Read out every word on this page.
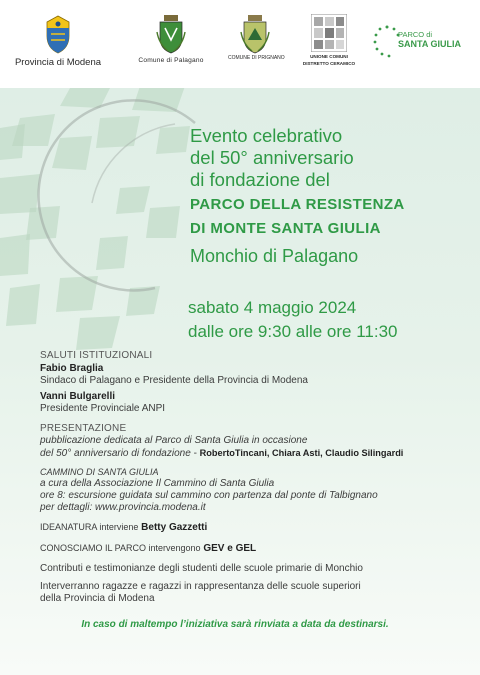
Provincia di Modena	Comune di Palagano	COMUNE DI PRIGNANO	UNIONE COMUNI
DISTRETTO CERAMICO
PARCO di
SANTA GIULIA
Evento celebrativo
del 50° anniversario
di fondazione del
PARCO DELLA RESISTENZA
DI MONTE SANTA GIULIA
Monchio di Palagano
sabato 4 maggio 2024
dalle ore 9:30 alle ore 11:30

SALUTI ISTITUZIONALI

Fabio Braglia

Sindaco di Palagano e Presidente della Provincia di Modena

Vanni Bulgarelli

Presidente Provinciale ANPI

PRESENTAZIONE

pubblicazione dedicata al Parco di Santa Giulia in occasione

del 50° anniversario di fondazione - RobertoTincani, Chiara Asti, Claudio Silingardi

CAMMINO DI SANTA GIULIA

a cura della Associazione Il Cammino di Santa Giulia

ore 8: escursione guidata sul cammino con partenza dal ponte di Talbignano

per dettagli: www.provincia.modena.it

IDEANATURA interviene Betty Gazzetti

CONOSCIAMO IL PARCO intervengono GEV e GEL

Contributi e testimonianze degli studenti delle scuole primarie di Monchio

Interverranno ragazze e ragazzi in rappresentanza delle scuole superiori

della Provincia di Modena

In caso di maltempo l’iniziativa sarà rinviata a data da destinarsi.
